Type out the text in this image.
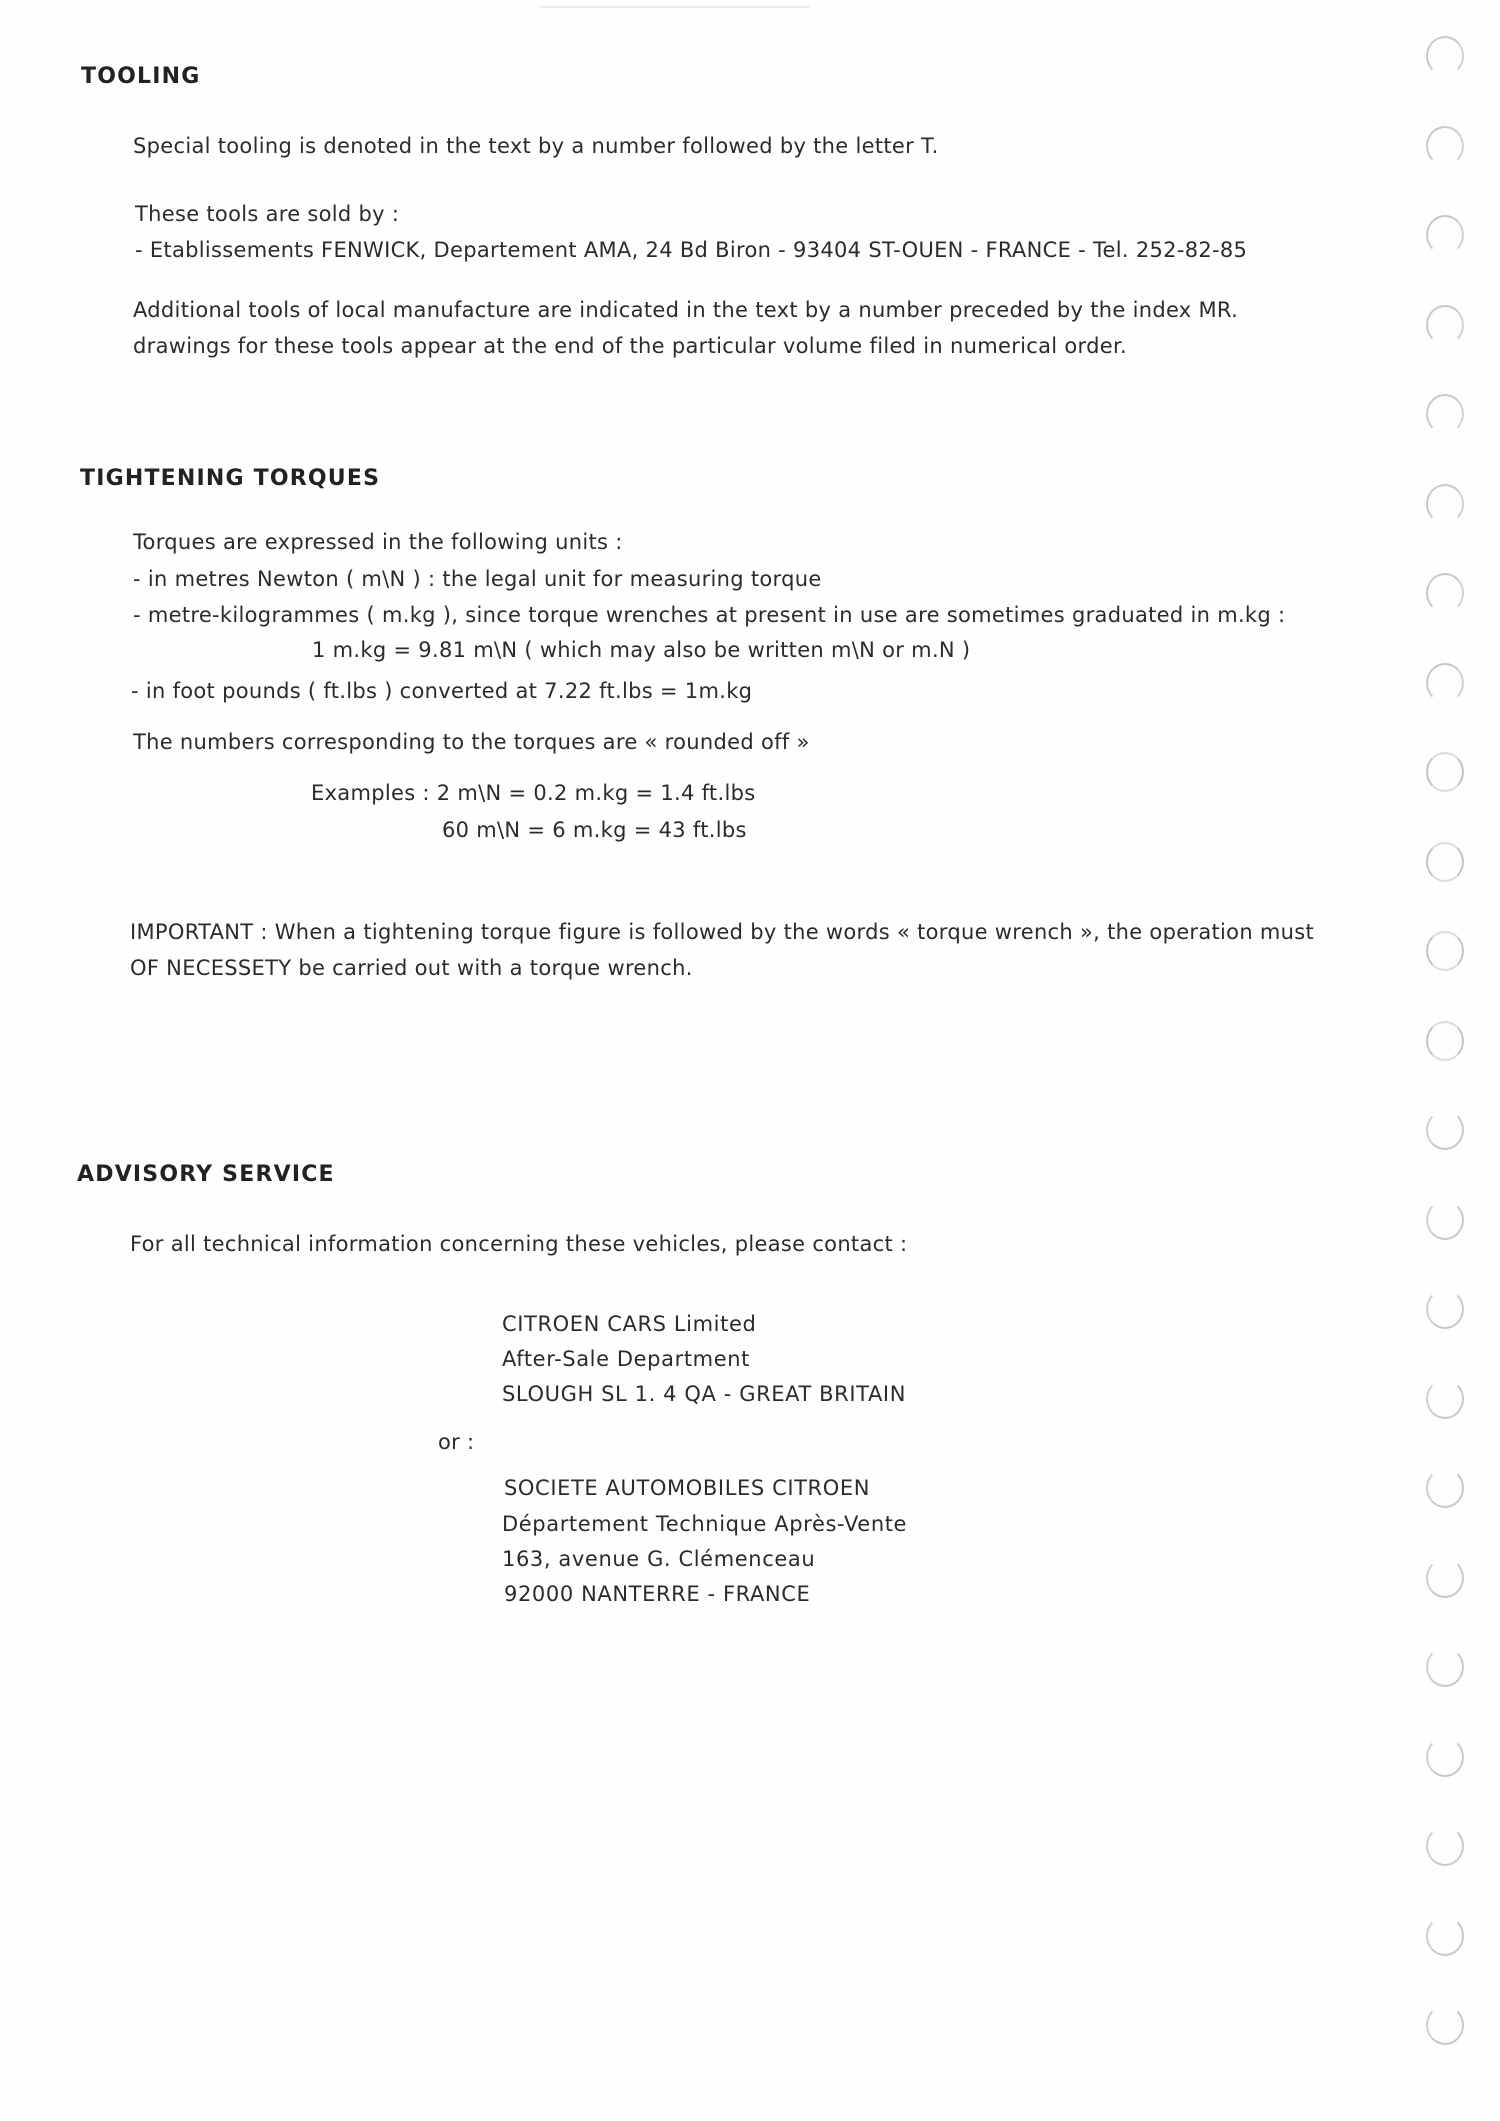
TOOLING

Special tooling is denoted in the text by a number followed by the letter T.

These tools are sold by :

- Etablissements FENWICK, Departement AMA, 24 Bd Biron - 93404 ST-OUEN - FRANCE - Tel. 252-82-85

Additional tools of local manufacture are indicated in the text by a number preceded by the index MR.

drawings for these tools appear at the end of the particular volume filed in numerical order.

TIGHTENING TORQUES

Torques are expressed in the following units :

- in metres Newton ( m\N ) : the legal unit for measuring torque

- metre-kilogrammes ( m.kg ), since torque wrenches at present in use are sometimes graduated in m.kg :

1 m.kg = 9.81 m\N ( which may also be written m\N or m.N )

- in foot pounds ( ft.lbs ) converted at 7.22 ft.lbs = 1m.kg

The numbers corresponding to the torques are « rounded off »

Examples : 2 m\N = 0.2 m.kg = 1.4 ft.lbs

60 m\N = 6 m.kg = 43 ft.lbs

IMPORTANT : When a tightening torque figure is followed by the words « torque wrench », the operation must

OF NECESSETY be carried out with a torque wrench.

ADVISORY SERVICE

For all technical information concerning these vehicles, please contact :

CITROEN CARS Limited

After-Sale Department

SLOUGH SL 1. 4 QA - GREAT BRITAIN

or :

SOCIETE AUTOMOBILES CITROEN

Département Technique Après-Vente

163, avenue G. Clémenceau

92000 NANTERRE - FRANCE
